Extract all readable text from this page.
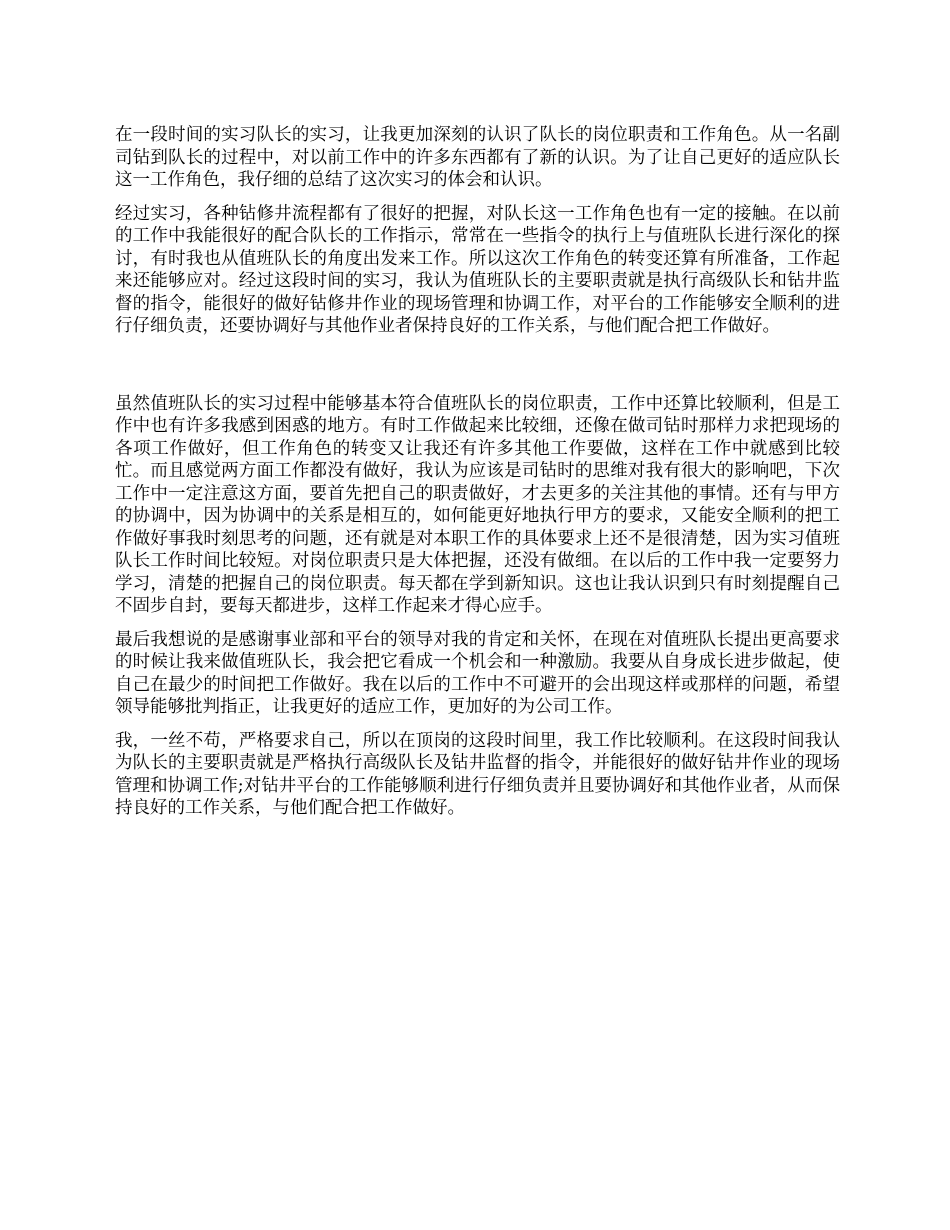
在一段时间的实习队长的实习，让我更加深刻的认识了队长的岗位职责和工作角色。从一名副司钻到队长的过程中，对以前工作中的许多东西都有了新的认识。为了让自己更好的适应队长这一工作角色，我仔细的总结了这次实习的体会和认识。

经过实习，各种钻修井流程都有了很好的把握，对队长这一工作角色也有一定的接触。在以前的工作中我能很好的配合队长的工作指示，常常在一些指令的执行上与值班队长进行深化的探讨，有时我也从值班队长的角度出发来工作。所以这次工作角色的转变还算有所准备，工作起来还能够应对。经过这段时间的实习，我认为值班队长的主要职责就是执行高级队长和钻井监督的指令，能很好的做好钻修井作业的现场管理和协调工作，对平台的工作能够安全顺利的进行仔细负责，还要协调好与其他作业者保持良好的工作关系，与他们配合把工作做好。

虽然值班队长的实习过程中能够基本符合值班队长的岗位职责，工作中还算比较顺利，但是工作中也有许多我感到困惑的地方。有时工作做起来比较细，还像在做司钻时那样力求把现场的各项工作做好，但工作角色的转变又让我还有许多其他工作要做，这样在工作中就感到比较忙。而且感觉两方面工作都没有做好，我认为应该是司钻时的思维对我有很大的影响吧，下次工作中一定注意这方面，要首先把自己的职责做好，才去更多的关注其他的事情。还有与甲方的协调中，因为协调中的关系是相互的，如何能更好地执行甲方的要求，又能安全顺利的把工作做好事我时刻思考的问题，还有就是对本职工作的具体要求上还不是很清楚，因为实习值班队长工作时间比较短。对岗位职责只是大体把握，还没有做细。在以后的工作中我一定要努力学习，清楚的把握自己的岗位职责。每天都在学到新知识。这也让我认识到只有时刻提醒自己不固步自封，要每天都进步，这样工作起来才得心应手。

最后我想说的是感谢事业部和平台的领导对我的肯定和关怀，在现在对值班队长提出更高要求的时候让我来做值班队长，我会把它看成一个机会和一种激励。我要从自身成长进步做起，使自己在最少的时间把工作做好。我在以后的工作中不可避开的会出现这样或那样的问题，希望领导能够批判指正，让我更好的适应工作，更加好的为公司工作。

我，一丝不苟，严格要求自己，所以在顶岗的这段时间里，我工作比较顺利。在这段时间我认为队长的主要职责就是严格执行高级队长及钻井监督的指令，并能很好的做好钻井作业的现场管理和协调工作;对钻井平台的工作能够顺利进行仔细负责并且要协调好和其他作业者，从而保持良好的工作关系，与他们配合把工作做好。
